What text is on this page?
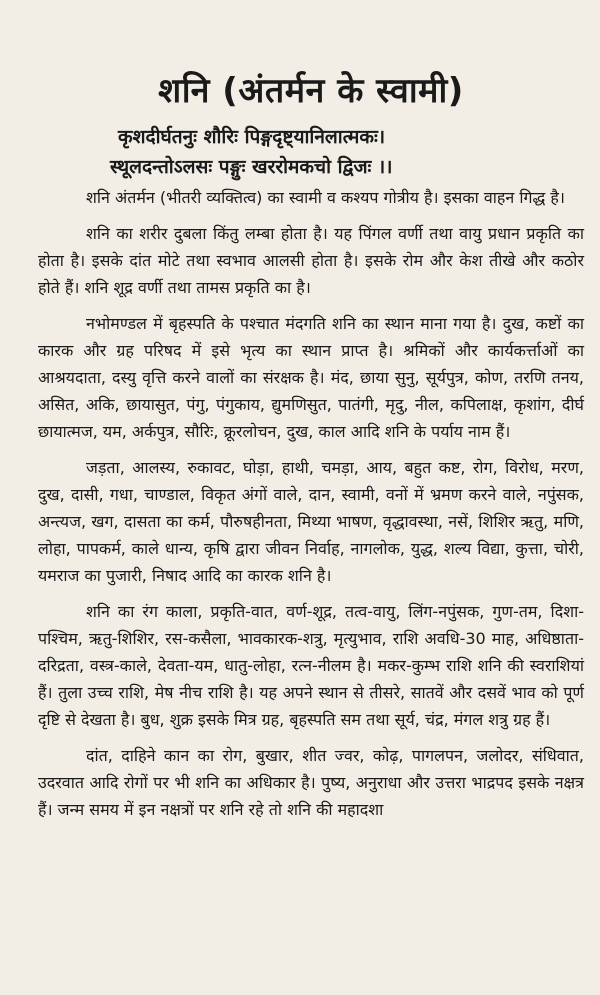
शनि (अंतर्मन के स्वामी)
कृशदीर्घतनुः शौरिः पिङ्गदृष्ट्यानिलात्मकः।
स्थूलदन्तोऽलसः पङ्गुः खररोमकचो द्विजः ।।

शनि अंतर्मन (भीतरी व्यक्तित्व) का स्वामी व कश्यप गोत्रीय है। इसका वाहन गिद्ध है।

शनि का शरीर दुबला किंतु लम्बा होता है। यह पिंगल वर्णी तथा वायु प्रधान प्रकृति का होता है। इसके दांत मोटे तथा स्वभाव आलसी होता है। इसके रोम और केश तीखे और कठोर होते हैं। शनि शूद्र वर्णी तथा तामस प्रकृति का है।

नभोमण्डल में बृहस्पति के पश्चात मंदगति शनि का स्थान माना गया है। दुख, कष्टों का कारक और ग्रह परिषद में इसे भृत्य का स्थान प्राप्त है। श्रमिकों और कार्यकर्त्ताओं का आश्रयदाता, दस्यु वृत्ति करने वालों का संरक्षक है। मंद, छाया सुनु, सूर्यपुत्र, कोण, तरणि तनय, असित, अकि, छायासुत, पंगु, पंगुकाय, द्युमणिसुत, पातंगी, मृदु, नील, कपिलाक्ष, कृशांग, दीर्घ छायात्मज, यम, अर्कपुत्र, सौरिः, क्रूरलोचन, दुख, काल आदि शनि के पर्याय नाम हैं।

जड़ता, आलस्य, रुकावट, घोड़ा, हाथी, चमड़ा, आय, बहुत कष्ट, रोग, विरोध, मरण, दुख, दासी, गधा, चाण्डाल, विकृत अंगों वाले, दान, स्वामी, वनों में भ्रमण करने वाले, नपुंसक, अन्त्यज, खग, दासता का कर्म, पौरुषहीनता, मिथ्या भाषण, वृद्धावस्था, नसें, शिशिर ऋतु, मणि, लोहा, पापकर्म, काले धान्य, कृषि द्वारा जीवन निर्वाह, नागलोक, युद्ध, शल्य विद्या, कुत्ता, चोरी, यमराज का पुजारी, निषाद आदि का कारक शनि है।

शनि का रंग काला, प्रकृति-वात, वर्ण-शूद्र, तत्व-वायु, लिंग-नपुंसक, गुण-तम, दिशा-पश्चिम, ऋतु-शिशिर, रस-कसैला, भावकारक-शत्रु, मृत्युभाव, राशि अवधि-30 माह, अधिष्ठाता-दरिद्रता, वस्त्र-काले, देवता-यम, धातु-लोहा, रत्न-नीलम है। मकर-कुम्भ राशि शनि की स्वराशियां हैं। तुला उच्च राशि, मेष नीच राशि है। यह अपने स्थान से तीसरे, सातवें और दसवें भाव को पूर्ण दृष्टि से देखता है। बुध, शुक्र इसके मित्र ग्रह, बृहस्पति सम तथा सूर्य, चंद्र, मंगल शत्रु ग्रह हैं।

दांत, दाहिने कान का रोग, बुखार, शीत ज्वर, कोढ़, पागलपन, जलोदर, संधिवात, उदरवात आदि रोगों पर भी शनि का अधिकार है। पुष्य, अनुराधा और उत्तरा भाद्रपद इसके नक्षत्र हैं। जन्म समय में इन नक्षत्रों पर शनि रहे तो शनि की महादशा
